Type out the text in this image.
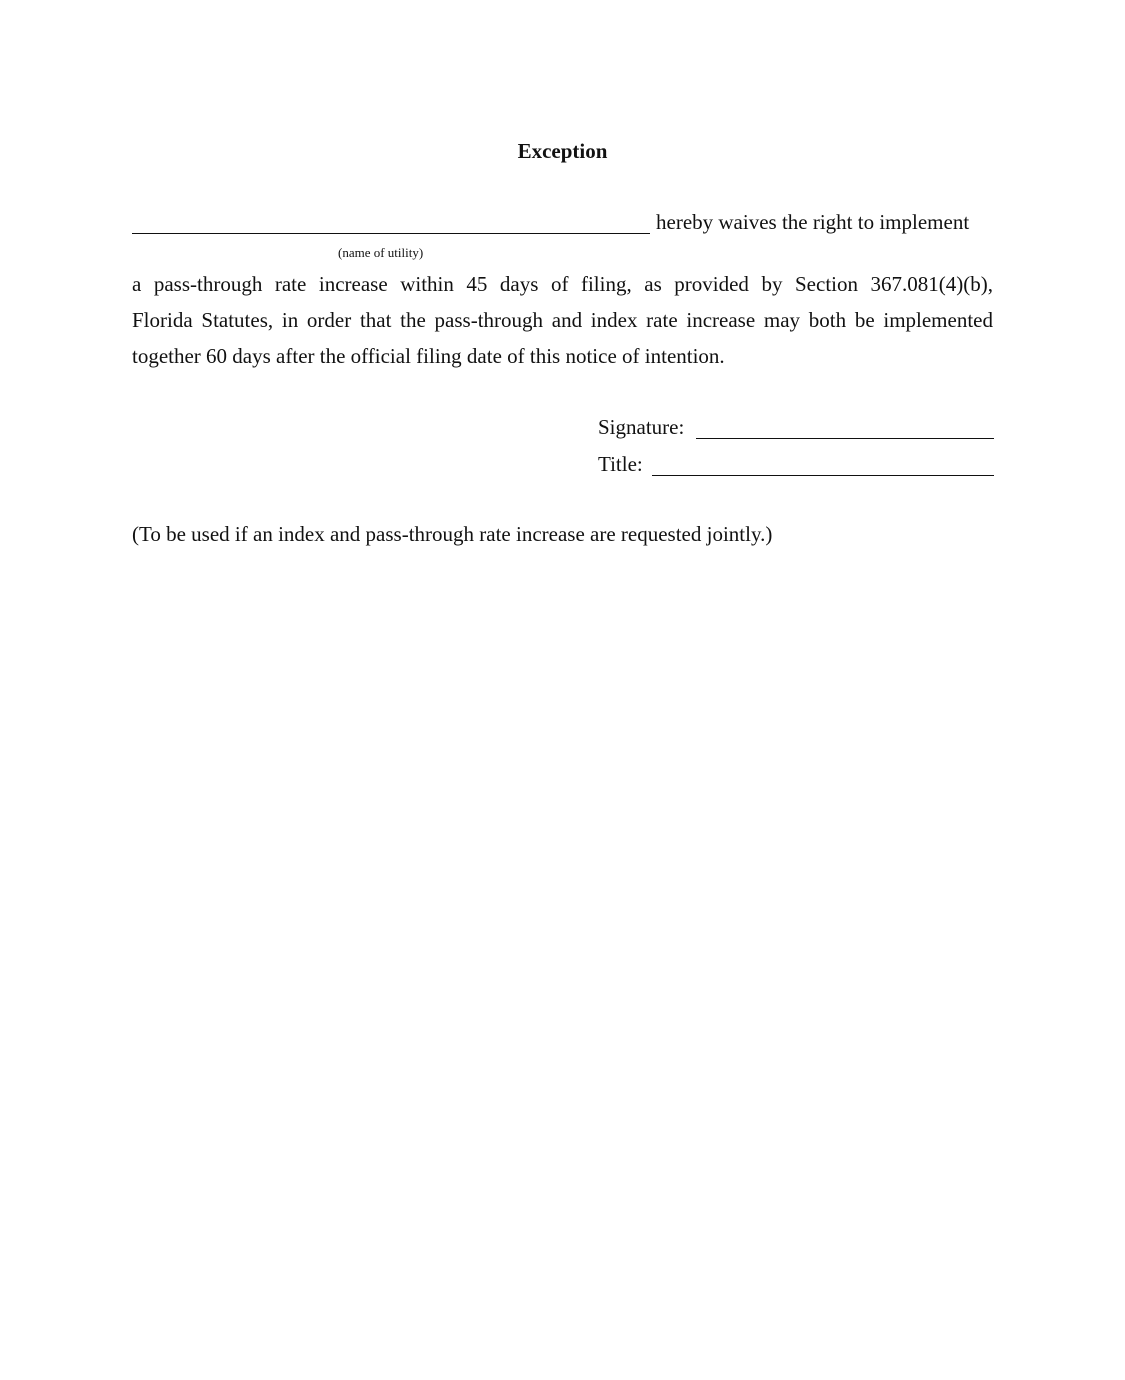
Exception
hereby waives the right to implement
(name of utility)
a pass-through rate increase within 45 days of filing, as provided by Section 367.081(4)(b),
Florida Statutes, in order that the pass-through and index rate increase may both be implemented
together 60 days after the official filing date of this notice of intention.
Signature:
Title:
(To be used if an index and pass-through rate increase are requested jointly.)
